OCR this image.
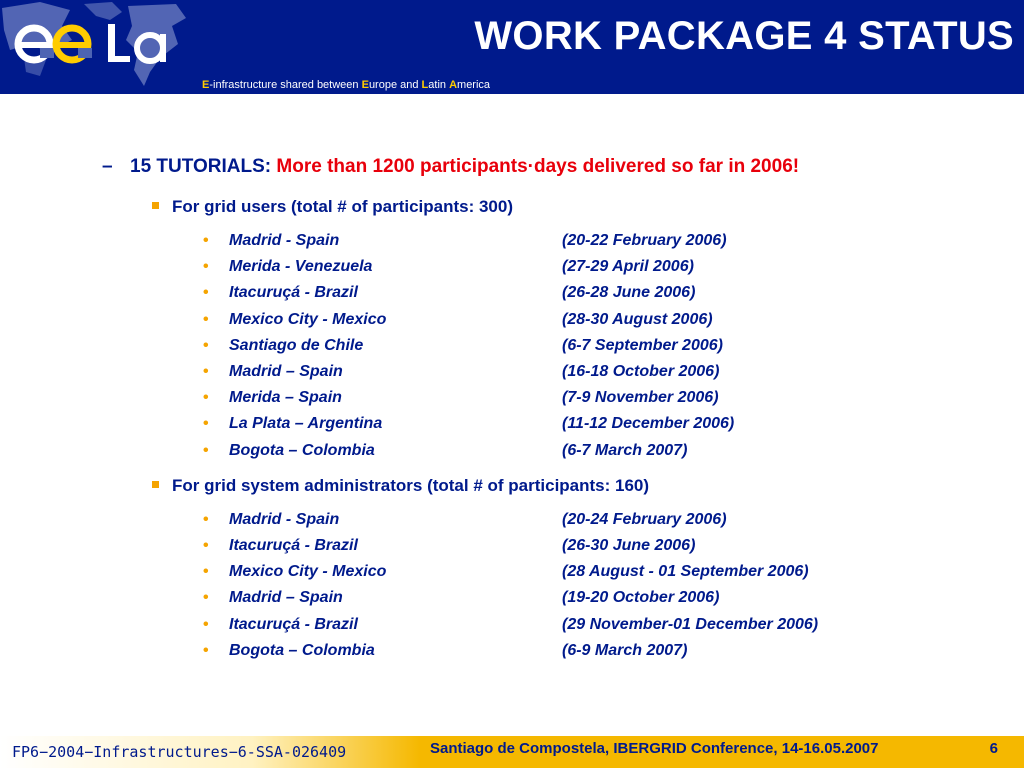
WORK PACKAGE 4 STATUS
E-infrastructure shared between Europe and Latin America
– 15 TUTORIALS: More than 1200 participants·days delivered so far in 2006!
For grid users (total # of participants: 300)
• Madrid - Spain	(20-22 February 2006)
• Merida - Venezuela	(27-29 April 2006)
• Itacuruçá - Brazil	(26-28 June 2006)
• Mexico City - Mexico	(28-30 August 2006)
• Santiago de Chile	(6-7 September 2006)
• Madrid – Spain	(16-18 October 2006)
• Merida – Spain	(7-9 November 2006)
• La Plata – Argentina	(11-12 December 2006)
• Bogota – Colombia	(6-7 March 2007)
For grid system administrators (total # of participants: 160)
• Madrid - Spain	(20-24 February 2006)
• Itacuruçá - Brazil	(26-30 June 2006)
• Mexico City - Mexico	(28 August - 01 September 2006)
• Madrid – Spain	(19-20 October 2006)
• Itacuruçá - Brazil	(29 November-01 December 2006)
• Bogota – Colombia	(6-9 March 2007)
FP6−2004−Infrastructures−6-SSA-026409	Santiago de Compostela, IBERGRID Conference, 14-16.05.2007	6
